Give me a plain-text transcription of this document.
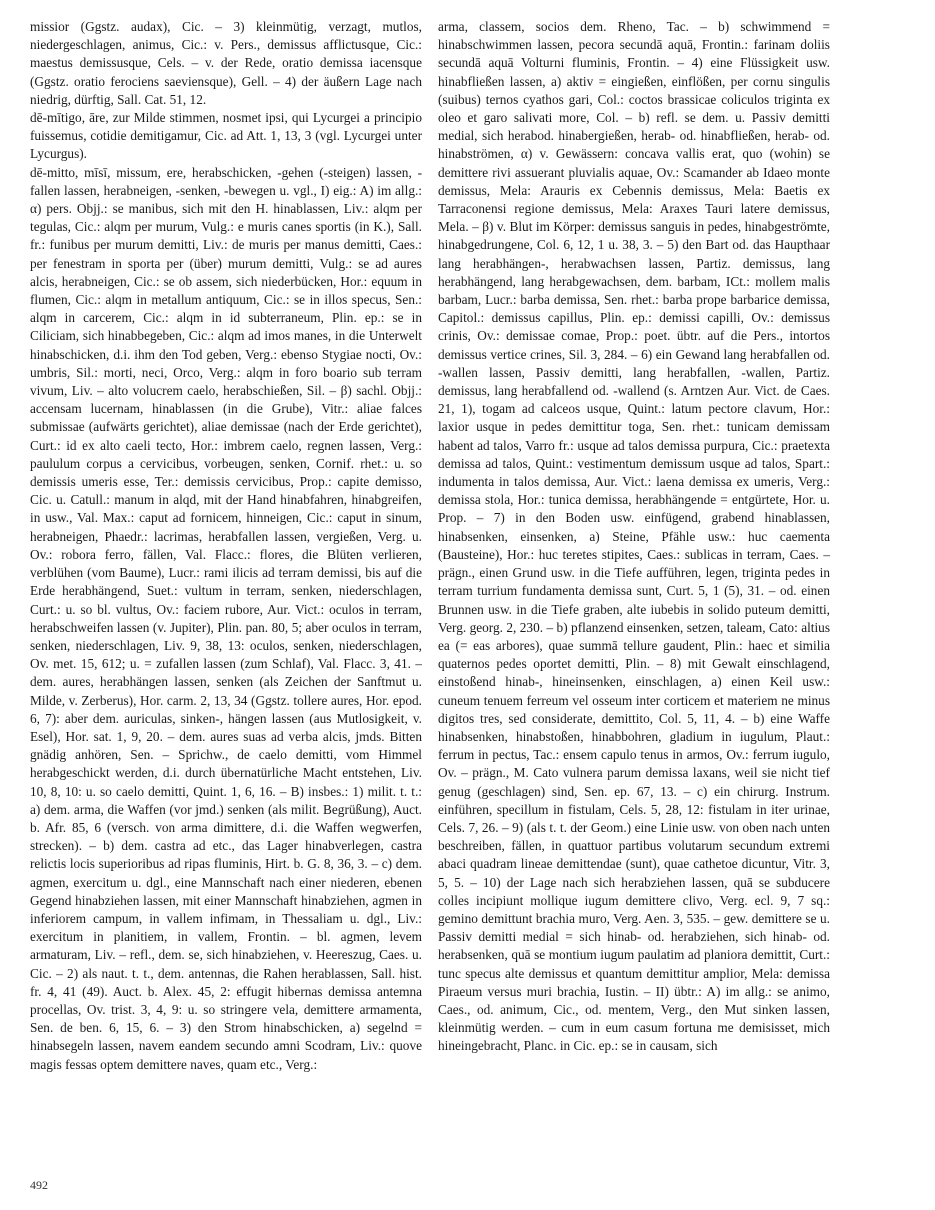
missior (Ggstz. audax), Cic. – 3) kleinmütig, verzagt, mutlos, niedergeschlagen, animus, Cic.: v. Pers., demissus afflictusque, Cic.: maestus demissusque, Cels. – v. der Rede, oratio demissa iacensque (Ggstz. oratio ferociens saeviensque), Gell. – 4) der äußern Lage nach niedrig, dürftig, Sall. Cat. 51, 12.

dē-mītigo, āre, zur Milde stimmen, nosmet ipsi, qui Lycurgei a principio fuissemus, cotidie demitigamur, Cic. ad Att. 1, 13, 3 (vgl. Lycurgei unter Lycurgus).

dē-mitto, mīsī, missum, ere, herabschicken, -gehen (-steigen) lassen, -fallen lassen, herabneigen, -senken, -bewegen u. vgl., I) eig.: A) im allg.: α) pers. Objj.: se manibus, sich mit den H. hinablassen, Liv.: alqm per tegulas, Cic.: alqm per murum, Vulg.: e muris canes sportis (in K.), Sall. fr.: funibus per murum demitti, Liv.: de muris per manus demitti, Caes.: per fenestram in sporta per (über) murum demitti, Vulg.: se ad aures alcis, herabneigen, Cic.: se ob assem, sich niederbücken, Hor.: equum in flumen, Cic.: alqm in metallum antiquum, Cic.: se in illos specus, Sen.: alqm in carcerem, Cic.: alqm in id subterraneum, Plin. ep.: se in Ciliciam, sich hinabbegeben, Cic.: alqm ad imos manes, in die Unterwelt hinabschicken, d.i. ihm den Tod geben, Verg.: ebenso Stygiae nocti, Ov.: umbris, Sil.: morti, neci, Orco, Verg.: alqm in foro boario sub terram vivum, Liv. – alto volucrem caelo, herabschießen, Sil. – β) sachl. Objj.: accensam lucernam, hinablassen (in die Grube), Vitr.: aliae falces submissae (aufwärts gerichtet), aliae demissae (nach der Erde gerichtet), Curt.: id ex alto caeli tecto, Hor.: imbrem caelo, regnen lassen, Verg.: paululum corpus a cervicibus, vorbeugen, senken, Cornif. rhet.: u. so demissis umeris esse, Ter.: demissis cervicibus, Prop.: capite demisso, Cic. u. Catull.: manum in alqd, mit der Hand hinabfahren, hinabgreifen, in usw., Val. Max.: caput ad fornicem, hinneigen, Cic.: caput in sinum, herabneigen, Phaedr.: lacrimas, herabfallen lassen, vergießen, Verg. u. Ov.: robora ferro, fällen, Val. Flacc.: flores, die Blüten verlieren, verblühen (vom Baume), Lucr.: rami ilicis ad terram demissi, bis auf die Erde herabhängend, Suet.: vultum in terram, senken, niederschlagen, Curt.: u. so bl. vultus, Ov.: faciem rubore, Aur. Vict.: oculos in terram, herabschweifen lassen (v. Jupiter), Plin. pan. 80, 5; aber oculos in terram, senken, niederschlagen, Liv. 9, 38, 13: oculos, senken, niederschlagen, Ov. met. 15, 612; u. = zufallen lassen (zum Schlaf), Val. Flacc. 3, 41. – dem. aures, herabhängen lassen, senken (als Zeichen der Sanftmut u. Milde, v. Zerberus), Hor. carm. 2, 13, 34 (Ggstz. tollere aures, Hor. epod. 6, 7): aber dem. auriculas, sinken-, hängen lassen (aus Mutlosigkeit, v. Esel), Hor. sat. 1, 9, 20. – dem. aures suas ad verba alcis, jmds. Bitten gnädig anhören, Sen. – Sprichw., de caelo demitti, vom Himmel herabgeschickt werden, d.i. durch übernatürliche Macht entstehen, Liv. 10, 8, 10: u. so caelo demitti, Quint. 1, 6, 16. – B) insbes.: 1) milit. t. t.: a) dem. arma, die Waffen (vor jmd.) senken (als milit. Begrüßung), Auct. b. Afr. 85, 6 (versch. von arma dimittere, d.i. die Waffen wegwerfen, strecken). – b) dem. castra ad etc., das Lager hinabverlegen, castra relictis locis superioribus ad ripas fluminis, Hirt. b. G. 8, 36, 3. – c) dem. agmen, exercitum u. dgl., eine Mannschaft nach einer niederen, ebenen Gegend hinabziehen lassen, mit einer Mannschaft hinabziehen, agmen in inferiorem campum, in vallem infimam, in Thessaliam u. dgl., Liv.: exercitum in planitiem, in vallem, Frontin. – bl. agmen, levem armaturam, Liv. – refl., dem. se, sich hinabziehen, v. Heereszug, Caes. u. Cic. – 2) als naut. t. t., dem. antennas, die Rahen herablassen, Sall. hist. fr. 4, 41 (49). Auct. b. Alex. 45, 2: effugit hibernas demissa antemna procellas, Ov. trist. 3, 4, 9: u. so stringere vela, demittere armamenta, Sen. de ben. 6, 15, 6. – 3) den Strom hinabschicken, a) segelnd = hinabsegeln lassen, navem eandem secundo amni Scodram, Liv.: quove magis fessas optem demittere naves, quam etc., Verg.:

arma, classem, socios dem. Rheno, Tac. – b) schwimmend = hinabschwimmen lassen, pecora secundā aquā, Frontin.: farinam doliis secundā aquā Volturni fluminis, Frontin. – 4) eine Flüssigkeit usw. hinabfließen lassen, a) aktiv = eingießen, einflößen, per cornu singulis (suibus) ternos cyathos gari, Col.: coctos brassicae coliculos triginta ex oleo et garo salivati more, Col. – b) refl. se dem. u. Passiv demitti medial, sich herabod. hinabergießen, herab- od. hinabfließen, herab- od. hinabströmen, α) v. Gewässern: concava vallis erat, quo (wohin) se demittere rivi assuerant pluvialis aquae, Ov.: Scamander ab Idaeo monte demissus, Mela: Arauris ex Cebennis demissus, Mela: Baetis ex Tarraconensi regione demissus, Mela: Araxes Tauri latere demissus, Mela. – β) v. Blut im Körper: demissus sanguis in pedes, hinabgeströmte, hinabgedrungene, Col. 6, 12, 1 u. 38, 3. – 5) den Bart od. das Haupthaar lang herabhängen-, herabwachsen lassen, Partiz. demissus, lang herabhängend, lang herabgewachsen, dem. barbam, ICt.: mollem malis barbam, Lucr.: barba demissa, Sen. rhet.: barba prope barbarice demissa, Capitol.: demissus capillus, Plin. ep.: demissi capilli, Ov.: demissus crinis, Ov.: demissae comae, Prop.: poet. übtr. auf die Pers., intortos demissus vertice crines, Sil. 3, 284. – 6) ein Gewand lang herabfallen od. -wallen lassen, Passiv demitti, lang herabfallen, -wallen, Partiz. demissus, lang herabfallend od. -wallend (s. Arntzen Aur. Vict. de Caes. 21, 1), togam ad calceos usque, Quint.: latum pectore clavum, Hor.: laxior usque in pedes demittitur toga, Sen. rhet.: tunicam demissam habent ad talos, Varro fr.: usque ad talos demissa purpura, Cic.: praetexta demissa ad talos, Quint.: vestimentum demissum usque ad talos, Spart.: indumenta in talos demissa, Aur. Vict.: laena demissa ex umeris, Verg.: demissa stola, Hor.: tunica demissa, herabhängende = entgürtete, Hor. u. Prop. – 7) in den Boden usw. einfügend, grabend hinablassen, hinabsenken, einsenken, a) Steine, Pfähle usw.: huc caementa (Bausteine), Hor.: huc teretes stipites, Caes.: sublicas in terram, Caes. – prägn., einen Grund usw. in die Tiefe aufführen, legen, triginta pedes in terram turrium fundamenta demissa sunt, Curt. 5, 1 (5), 31. – od. einen Brunnen usw. in die Tiefe graben, alte iubebis in solido puteum demitti, Verg. georg. 2, 230. – b) pflanzend einsenken, setzen, taleam, Cato: altius ea (= eas arbores), quae summā tellure gaudent, Plin.: haec et similia quaternos pedes oportet demitti, Plin. – 8) mit Gewalt einschlagend, einstoßend hinab-, hineinsenken, einschlagen, a) einen Keil usw.: cuneum tenuem ferreum vel osseum inter corticem et materiem ne minus digitos tres, sed considerate, demittito, Col. 5, 11, 4. – b) eine Waffe hinabsenken, hinabstoßen, hinabbohren, gladium in iugulum, Plaut.: ferrum in pectus, Tac.: ensem capulo tenus in armos, Ov.: ferrum iugulo, Ov. – prägn., M. Cato vulnera parum demissa laxans, weil sie nicht tief genug (geschlagen) sind, Sen. ep. 67, 13. – c) ein chirurg. Instrum. einführen, specillum in fistulam, Cels. 5, 28, 12: fistulam in iter urinae, Cels. 7, 26. – 9) (als t. t. der Geom.) eine Linie usw. von oben nach unten beschreiben, fällen, in quattuor partibus volutarum secundum extremi abaci quadram lineae demittendae (sunt), quae cathetoe dicuntur, Vitr. 3, 5, 5. – 10) der Lage nach sich herabziehen lassen, quā se subducere colles incipiunt mollique iugum demittere clivo, Verg. ecl. 9, 7 sq.: gemino demittunt brachia muro, Verg. Aen. 3, 535. – gew. demittere se u. Passiv demitti medial = sich hinab- od. herabziehen, sich hinab- od. herabsenken, quā se montium iugum paulatim ad planiora demittit, Curt.: tunc specus alte demissus et quantum demittitur amplior, Mela: demissa Piraeum versus muri brachia, Iustin. – II) übtr.: A) im allg.: se animo, Caes., od. animum, Cic., od. mentem, Verg., den Mut sinken lassen, kleinmütig werden. – cum in eum casum fortuna me demisisset, mich hineingebracht, Planc. in Cic. ep.: se in causam, sich

492
